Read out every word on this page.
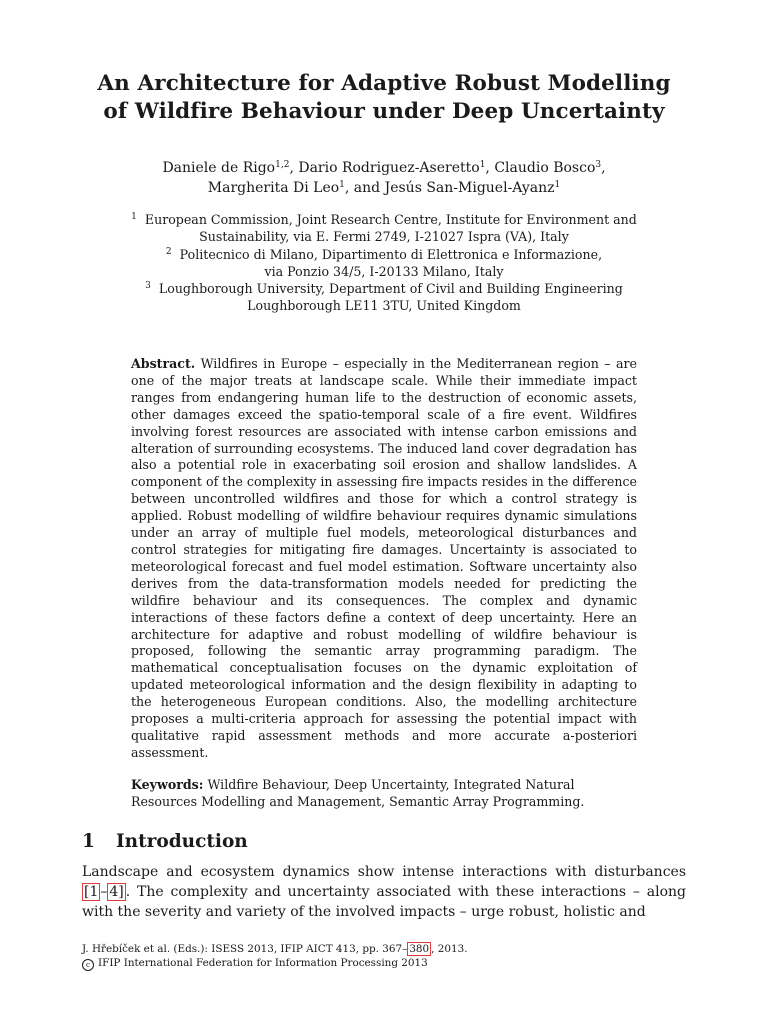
An Architecture for Adaptive Robust Modelling
of Wildfire Behaviour under Deep Uncertainty

Daniele de Rigo$^{1,2}$, Dario Rodriguez-Aseretto$^1$, Claudio Bosco$^3$,
Margherita Di Leo$^1$, and Jesús San-Miguel-Ayanz$^1$

$^1$ European Commission, Joint Research Centre, Institute for Environment and
Sustainability, via E. Fermi 2749, I-21027 Ispra (VA), Italy
$^2$ Politecnico di Milano, Dipartimento di Elettronica e Informazione,
via Ponzio 34/5, I-20133 Milano, Italy
$^3$ Loughborough University, Department of Civil and Building Engineering
Loughborough LE11 3TU, United Kingdom

Abstract. Wildfires in Europe – especially in the Mediterranean region – are one of the major treats at landscape scale. While their immediate impact ranges from endangering human life to the destruction of economic assets, other damages exceed the spatio-temporal scale of a fire event. Wildfires involving forest resources are associated with intense carbon emissions and alteration of surrounding ecosystems. The induced land cover degradation has also a potential role in exacerbating soil erosion and shallow landslides. A component of the complexity in assessing fire impacts resides in the difference between uncontrolled wildfires and those for which a control strategy is applied. Robust modelling of wildfire behaviour requires dynamic simulations under an array of multiple fuel models, meteorological disturbances and control strategies for mitigating fire damages. Uncertainty is associated to meteorological forecast and fuel model estimation. Software uncertainty also derives from the data-transformation models needed for predicting the wildfire behaviour and its consequences. The complex and dynamic interactions of these factors define a context of deep uncertainty. Here an architecture for adaptive and robust modelling of wildfire behaviour is proposed, following the semantic array programming paradigm. The mathematical conceptualisation focuses on the dynamic exploitation of updated meteorological information and the design flexibility in adapting to the heterogeneous European conditions. Also, the modelling architecture proposes a multi-criteria approach for assessing the potential impact with qualitative rapid assessment methods and more accurate a-posteriori assessment.

Keywords: Wildfire Behaviour, Deep Uncertainty, Integrated Natural Resources Modelling and Management, Semantic Array Programming.

1 Introduction

Landscape and ecosystem dynamics show intense interactions with disturbances [1 – 4] . The complexity and uncertainty associated with these interactions – along with the severity and variety of the involved impacts – urge robust, holistic and

J. Hřebíček et al. (Eds.): ISESS 2013, IFIP AICT 413, pp. 367– 380 , 2013.
c IFIP International Federation for Information Processing 2013
